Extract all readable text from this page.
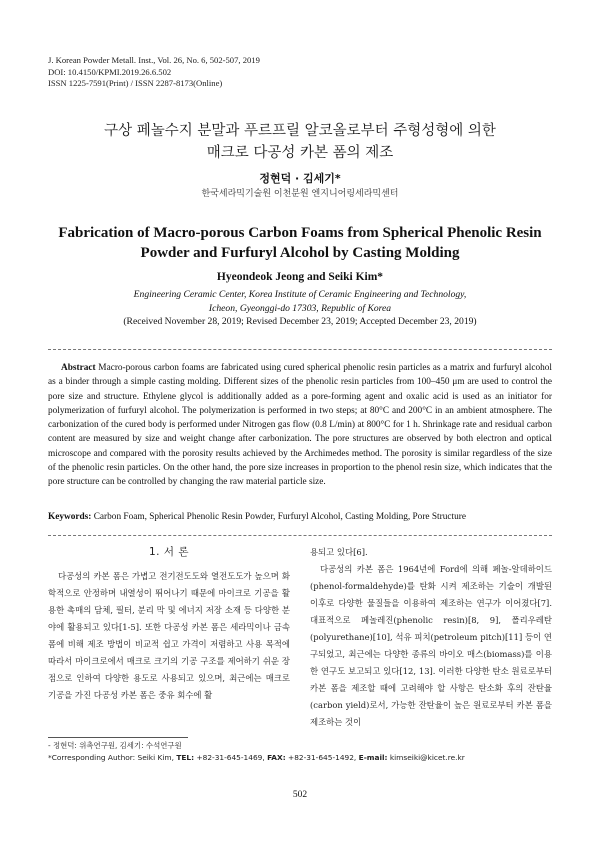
J. Korean Powder Metall. Inst., Vol. 26, No. 6, 502-507, 2019
DOI: 10.4150/KPMI.2019.26.6.502
ISSN 1225-7591(Print) / ISSN 2287-8173(Online)
구상 페놀수지 분말과 푸르프릴 알코올로부터 주형성형에 의한
매크로 다공성 카본 폼의 제조
정현덕 · 김세기*
한국세라믹기술원 이천분원 엔지니어링세라믹센터
Fabrication of Macro-porous Carbon Foams from Spherical Phenolic Resin
Powder and Furfuryl Alcohol by Casting Molding
Hyeondeok Jeong and Seiki Kim*
Engineering Ceramic Center, Korea Institute of Ceramic Engineering and Technology,
Icheon, Gyeonggi-do 17303, Republic of Korea
(Received November 28, 2019; Revised December 23, 2019; Accepted December 23, 2019)
Abstract Macro-porous carbon foams are fabricated using cured spherical phenolic resin particles as a matrix and furfuryl alcohol as a binder through a simple casting molding. Different sizes of the phenolic resin particles from 100–450 μm are used to control the pore size and structure. Ethylene glycol is additionally added as a pore-forming agent and oxalic acid is used as an initiator for polymerization of furfuryl alcohol. The polymerization is performed in two steps; at 80°C and 200°C in an ambient atmosphere. The carbonization of the cured body is performed under Nitrogen gas flow (0.8 L/min) at 800°C for 1 h. Shrinkage rate and residual carbon content are measured by size and weight change after carbonization. The pore structures are observed by both electron and optical microscope and compared with the porosity results achieved by the Archimedes method. The porosity is similar regardless of the size of the phenolic resin particles. On the other hand, the pore size increases in proportion to the phenol resin size, which indicates that the pore structure can be controlled by changing the raw material particle size.
Keywords: Carbon Foam, Spherical Phenolic Resin Powder, Furfuryl Alcohol, Casting Molding, Pore Structure
1. 서 론

다공성의 카본 폼은 가볍고 전기전도도와 열전도도가 높으며 화학적으로 안정하며 내열성이 뛰어나기 때문에 마이크로 기공을 활용한 촉매의 담체, 필터, 분리 막 및 에너지 저장 소재 등 다양한 분야에 활용되고 있다[1-5]. 또한 다공성 카본 폼은 세라믹이나 금속 폼에 비해 제조 방법이 비교적 쉽고 가격이 저렴하고 사용 목적에 따라서 마이크로에서 매크로 크기의 기공 구조를 제어하기 쉬운 장점으로 인하여 다양한 용도로 사용되고 있으며, 최근에는 매크로 기공을 가진 다공성 카본 폼은 중유 회수에 활

용되고 있다[6].

다공성의 카본 폼은 1964년에 Ford에 의해 페놀-알데하이드(phenol-formaldehyde)를 탄화 시켜 제조하는 기술이 개발된 이후로 다양한 물질들을 이용하여 제조하는 연구가 이어졌다[7]. 대표적으로 페놀레진(phenolic resin)[8, 9], 폴리우레탄(polyurethane)[10], 석유 피치(petroleum pitch)[11] 등이 연구되었고, 최근에는 다양한 종류의 바이오 매스(biomass)를 이용한 연구도 보고되고 있다[12, 13]. 이러한 다양한 탄소 원료로부터 카본 폼을 제조할 때에 고려해야 할 사항은 탄소화 후의 잔탄율(carbon yield)로서, 가능한 잔탄율이 높은 원료로부터 카본 폼을 제조하는 것이

- 정현덕: 위촉연구원, 김세기: 수석연구원
*Corresponding Author: Seiki Kim, TEL: +82-31-645-1469, FAX: +82-31-645-1492, E-mail: kimseiki@kicet.re.kr
502
